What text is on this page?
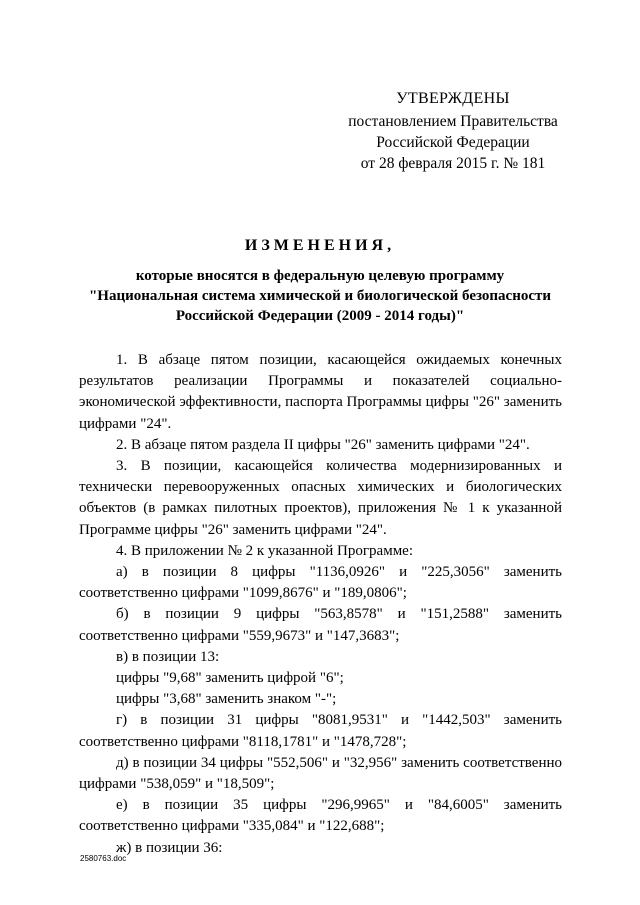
УТВЕРЖДЕНЫ
постановлением Правительства
Российской Федерации
от 28 февраля 2015 г. № 181
ИЗМЕНЕНИЯ,
которые вносятся в федеральную целевую программу
"Национальная система химической и биологической безопасности
Российской Федерации (2009 - 2014 годы)"

1. В абзаце пятом позиции, касающейся ожидаемых конечных результатов реализации Программы и показателей социально-экономической эффективности, паспорта Программы цифры "26" заменить цифрами "24".

2. В абзаце пятом раздела II цифры "26" заменить цифрами "24".

3. В позиции, касающейся количества модернизированных и технически перевооруженных опасных химических и биологических объектов (в рамках пилотных проектов), приложения № 1 к указанной Программе цифры "26" заменить цифрами "24".

4. В приложении № 2 к указанной Программе:

а) в позиции 8 цифры "1136,0926" и "225,3056" заменить

соответственно цифрами "1099,8676" и "189,0806";

б) в позиции 9 цифры "563,8578" и "151,2588" заменить

соответственно цифрами "559,9673" и "147,3683";

в) в позиции 13:

цифры "9,68" заменить цифрой "6";

цифры "3,68" заменить знаком "-";

г) в позиции 31 цифры "8081,9531" и "1442,503" заменить

соответственно цифрами "8118,1781" и "1478,728";

д) в позиции 34 цифры "552,506" и "32,956" заменить соответственно цифрами "538,059" и "18,509";

е) в позиции 35 цифры "296,9965" и "84,6005" заменить

соответственно цифрами "335,084" и "122,688";

ж) в позиции 36:

2580763.doc
